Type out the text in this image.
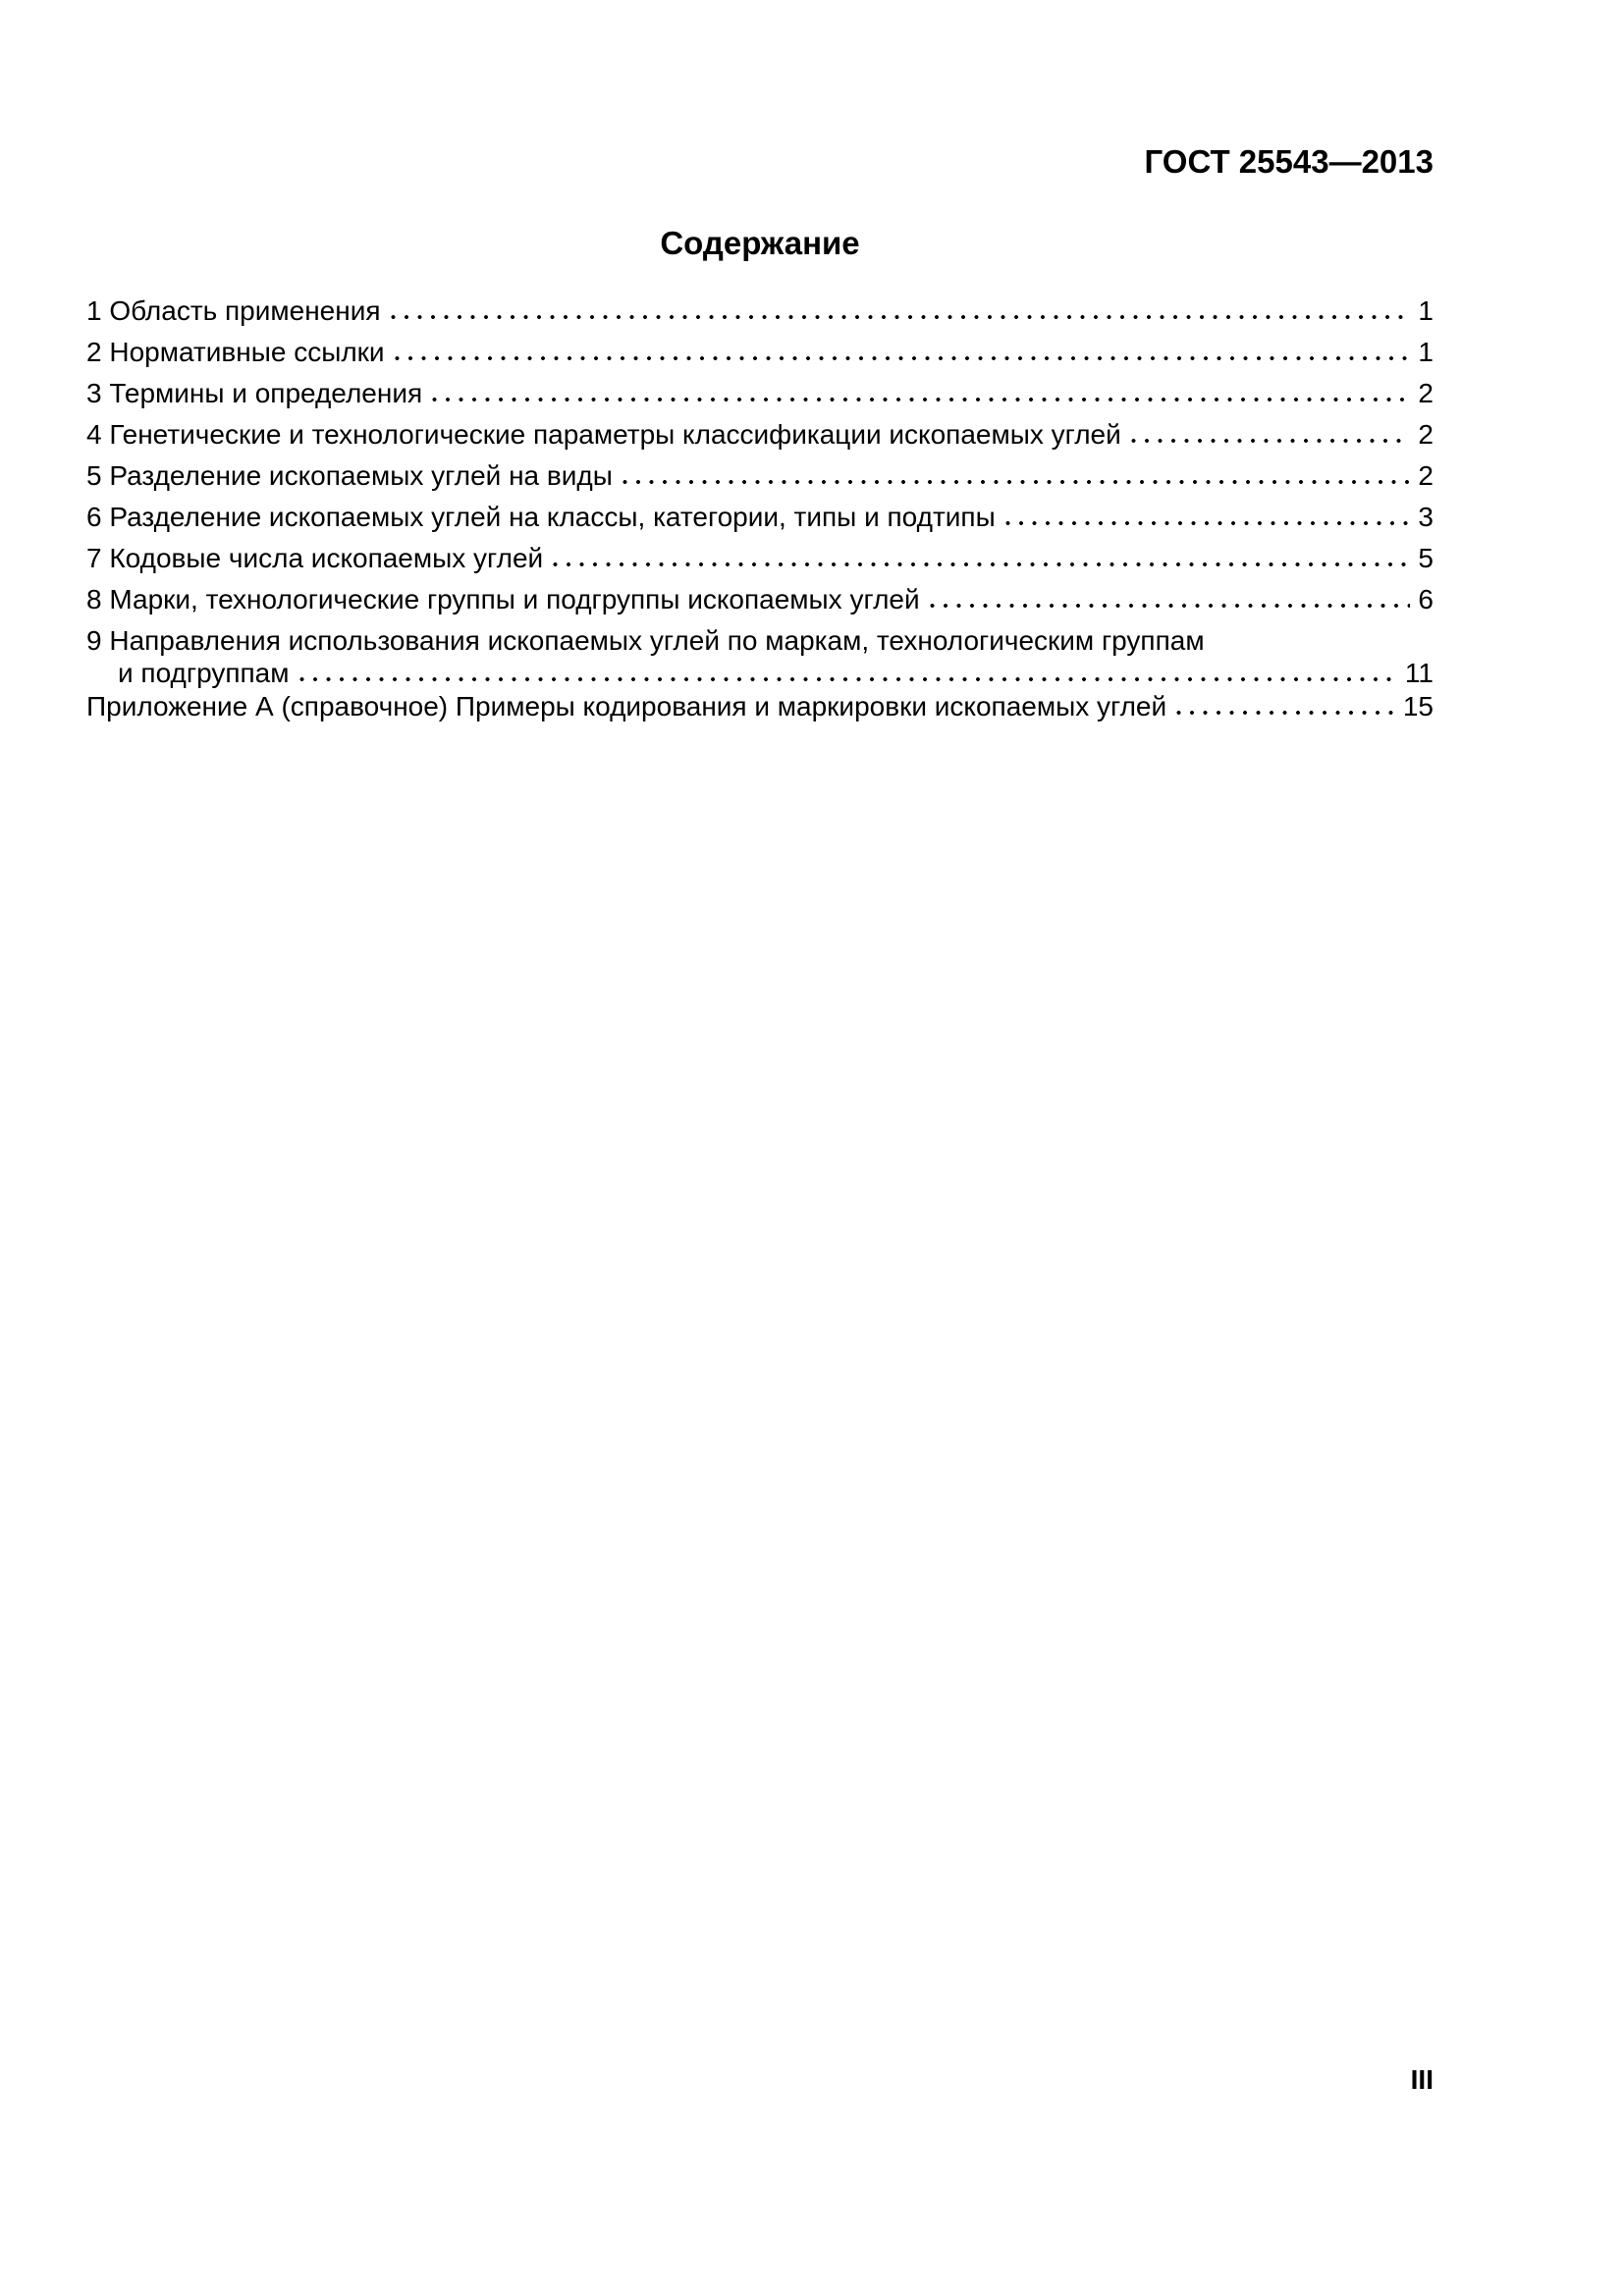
ГОСТ 25543—2013
Содержание
1 Область применения	1
2 Нормативные ссылки	1
3 Термины и определения	2
4 Генетические и технологические параметры классификации ископаемых углей	2
5 Разделение ископаемых углей на виды	2
6 Разделение ископаемых углей на классы, категории, типы и подтипы	3
7 Кодовые числа ископаемых углей	5
8 Марки, технологические группы и подгруппы ископаемых углей	6
9 Направления использования ископаемых углей по маркам, технологическим группам
и подгруппам	11
Приложение А (справочное) Примеры кодирования и маркировки ископаемых углей	15
III
